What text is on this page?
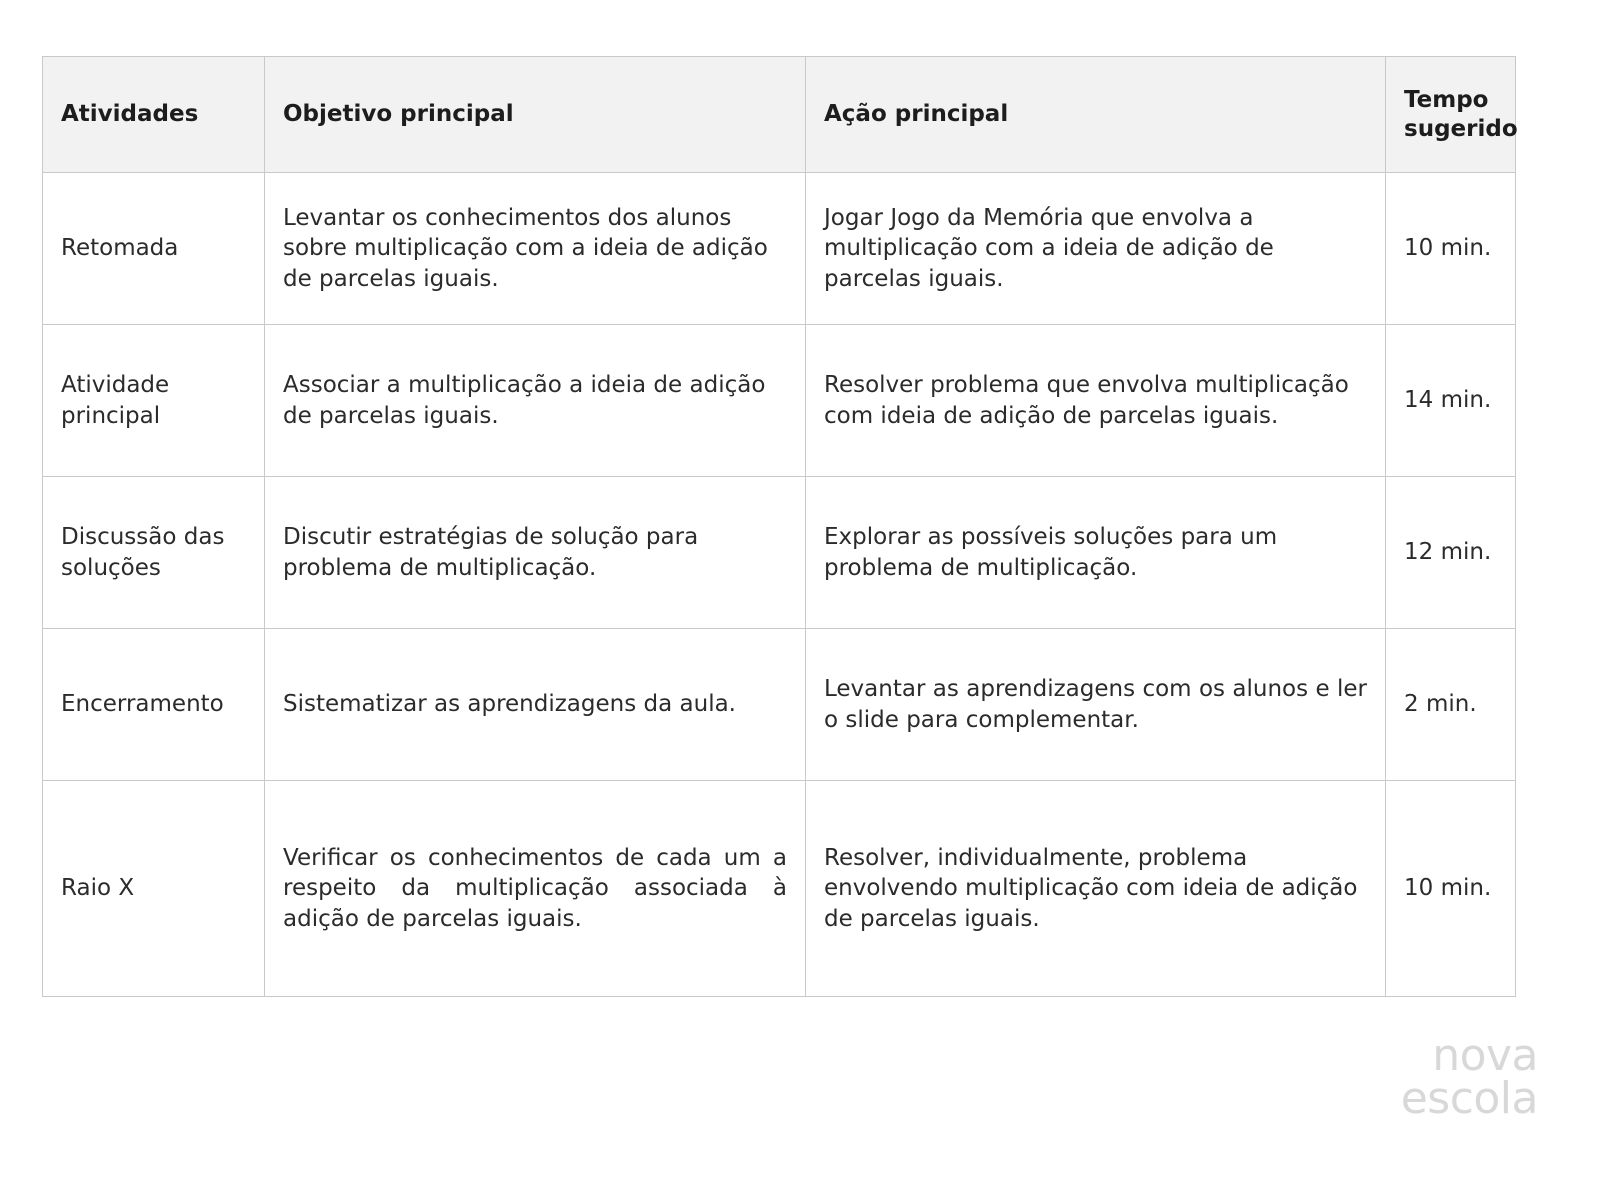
Atividades	Objetivo principal	Ação principal	Tempo sugerido
Retomada	Levantar os conhecimentos dos alunos sobre multiplicação com a ideia de adição de parcelas iguais.	Jogar Jogo da Memória que envolva a multiplicação com a ideia de adição de parcelas iguais.	10 min.
Atividade principal	Associar a multiplicação a ideia de adição de parcelas iguais.	Resolver problema que envolva multiplicação com ideia de adição de parcelas iguais.	14 min.
Discussão das soluções	Discutir estratégias de solução para problema de multiplicação.	Explorar as possíveis soluções para um problema de multiplicação.	12 min.
Encerramento	Sistematizar as aprendizagens da aula.	Levantar as aprendizagens com os alunos e ler o slide para complementar.	2 min.
Raio X	Verificar os conhecimentos de cada um a respeito da multiplicação associada à adição de parcelas iguais.	Resolver, individualmente, problema envolvendo multiplicação com ideia de adição de parcelas iguais.	10 min.
nova
escola
